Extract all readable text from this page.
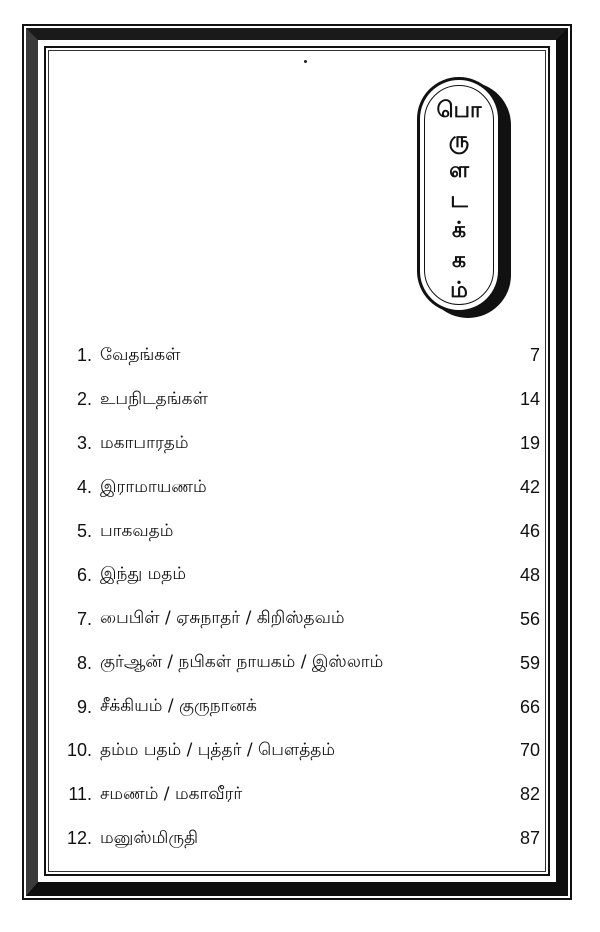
பொ
ரு
ள
ட
க்
க
ம்
1. வேதங்கள்	7
2. உபநிடதங்கள்	14
3. மகாபாரதம்	19
4. இராமாயணம்	42
5. பாகவதம்	46
6. இந்து மதம்	48
7. பைபிள் / ஏசுநாதர் / கிறிஸ்தவம்	56
8. குர்ஆன் / நபிகள் நாயகம் / இஸ்லாம்	59
9. சீக்கியம் / குருநானக்	66
10. தம்ம பதம் / புத்தர் / பௌத்தம்	70
11. சமணம் / மகாவீரர்	82
12. மனுஸ்மிருதி	87
